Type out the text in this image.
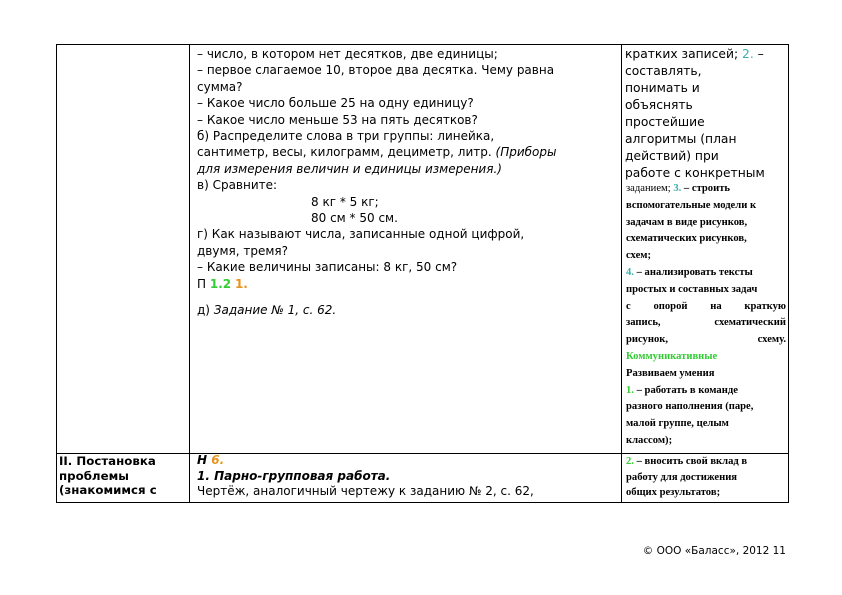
– число, в котором нет десятков, две единицы;

– первое слагаемое 10, второе два десятка. Чему равна

сумма?

– Какое число больше 25 на одну единицу?

– Какое число меньше 53 на пять десятков?

б) Распределите слова в три группы: линейка,

сантиметр, весы, килограмм, дециметр, литр. (Приборы

для измерения величин и единицы измерения.)

в) Сравните:

8 кг * 5 кг;

80 см * 50 см.

г) Как называют числа, записанные одной цифрой,

двумя, тремя?

– Какие величины записаны: 8 кг, 50 см?

П 1.2 1.

д) Задание № 1, с. 62.

кратких записей; 2. –

составлять,

понимать и

объяснять

простейшие

алгоритмы (план

действий) при

работе с конкретным

заданием; 3. – строить

вспомогательные модели к

задачам в виде рисунков,

схематических рисунков,

схем;

4. – анализировать тексты

простых и составных задач

с опорой на краткую

запись, схематический

рисунок, схему.

Коммуникативные

Развиваем умения

1. – работать в команде

разного наполнения (паре,

малой группе, целым

классом);

II. Постановка

проблемы

(знакомимся с

Н 6.

1. Парно-групповая работа.

Чертёж, аналогичный чертежу к заданию № 2, с. 62,

2. – вносить свой вклад в

работу для достижения

общих результатов;

© ООО «Баласс», 2012 11
